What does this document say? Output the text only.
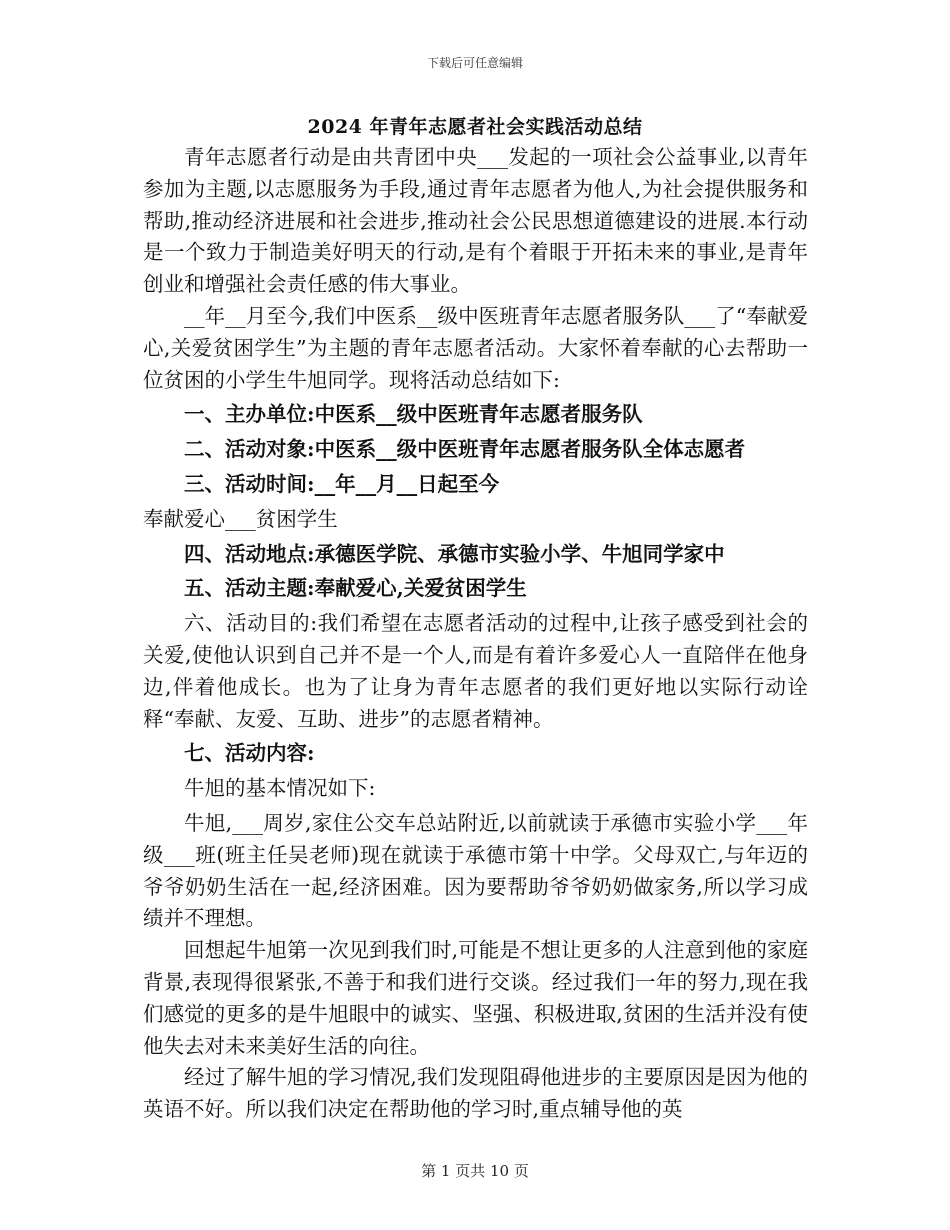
下载后可任意编辑
2024 年青年志愿者社会实践活动总结

青年志愿者行动是由共青团中央___发起的一项社会公益事业,以青年参加为主题,以志愿服务为手段,通过青年志愿者为他人,为社会提供服务和帮助,推动经济进展和社会进步,推动社会公民思想道德建设的进展.本行动是一个致力于制造美好明天的行动,是有个着眼于开拓未来的事业,是青年创业和增强社会责任感的伟大事业。

__年__月至今,我们中医系__级中医班青年志愿者服务队___了“奉献爱心,关爱贫困学生”为主题的青年志愿者活动。大家怀着奉献的心去帮助一位贫困的小学生牛旭同学。现将活动总结如下:

一、主办单位:中医系__级中医班青年志愿者服务队

二、活动对象:中医系__级中医班青年志愿者服务队全体志愿者

三、活动时间:__年__月__日起至今

奉献爱心___贫困学生

四、活动地点:承德医学院、承德市实验小学、牛旭同学家中

五、活动主题:奉献爱心,关爱贫困学生

六、活动目的:我们希望在志愿者活动的过程中,让孩子感受到社会的关爱,使他认识到自己并不是一个人,而是有着许多爱心人一直陪伴在他身边,伴着他成长。也为了让身为青年志愿者的我们更好地以实际行动诠释“奉献、友爱、互助、进步”的志愿者精神。

七、活动内容:

牛旭的基本情况如下:

牛旭,___周岁,家住公交车总站附近,以前就读于承德市实验小学___年级___班(班主任吴老师)现在就读于承德市第十中学。父母双亡,与年迈的爷爷奶奶生活在一起,经济困难。因为要帮助爷爷奶奶做家务,所以学习成绩并不理想。

回想起牛旭第一次见到我们时,可能是不想让更多的人注意到他的家庭背景,表现得很紧张,不善于和我们进行交谈。经过我们一年的努力,现在我们感觉的更多的是牛旭眼中的诚实、坚强、积极进取,贫困的生活并没有使他失去对未来美好生活的向往。

经过了解牛旭的学习情况,我们发现阻碍他进步的主要原因是因为他的英语不好。所以我们决定在帮助他的学习时,重点辅导他的英

第 1 页共 10 页
